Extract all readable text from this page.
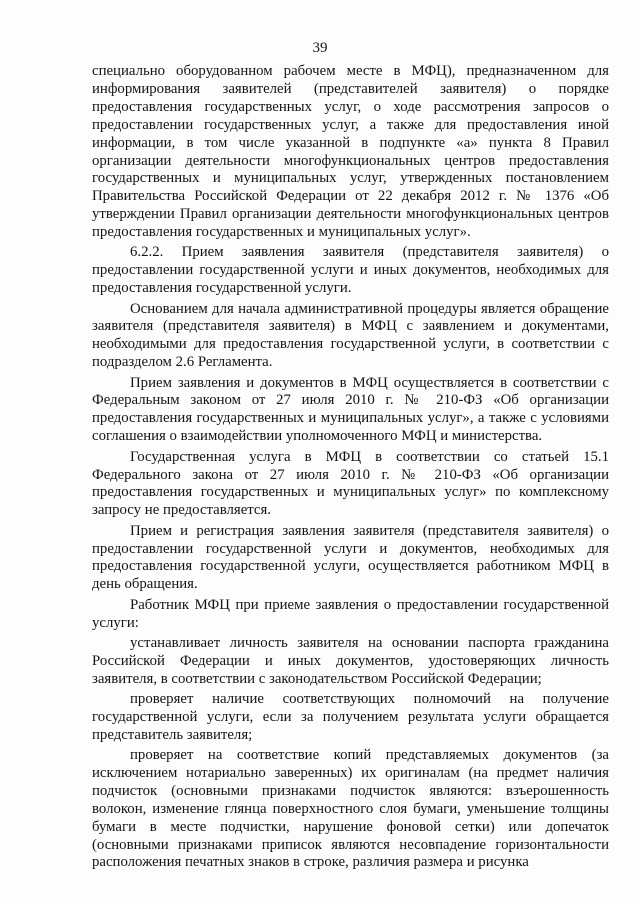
39

специально оборудованном рабочем месте в МФЦ), предназначенном для информирования заявителей (представителей заявителя) о порядке предоставления государственных услуг, о ходе рассмотрения запросов о предоставлении государственных услуг, а также для предоставления иной информации, в том числе указанной в подпункте «а» пункта 8 Правил организации деятельности многофункциональных центров предоставления государственных и муниципальных услуг, утвержденных постановлением Правительства Российской Федерации от 22 декабря 2012 г. № 1376 «Об утверждении Правил организации деятельности многофункциональных центров предоставления государственных и муниципальных услуг».

6.2.2. Прием заявления заявителя (представителя заявителя) о предоставлении государственной услуги и иных документов, необходимых для предоставления государственной услуги.

Основанием для начала административной процедуры является обращение заявителя (представителя заявителя) в МФЦ с заявлением и документами, необходимыми для предоставления государственной услуги, в соответствии с подразделом 2.6 Регламента.

Прием заявления и документов в МФЦ осуществляется в соответствии с Федеральным законом от 27 июля 2010 г. № 210-ФЗ «Об организации предоставления государственных и муниципальных услуг», а также с условиями соглашения о взаимодействии уполномоченного МФЦ и министерства.

Государственная услуга в МФЦ в соответствии со статьей 15.1 Федерального закона от 27 июля 2010 г. № 210-ФЗ «Об организации предоставления государственных и муниципальных услуг» по комплексному запросу не предоставляется.

Прием и регистрация заявления заявителя (представителя заявителя) о предоставлении государственной услуги и документов, необходимых для предоставления государственной услуги, осуществляется работником МФЦ в день обращения.

Работник МФЦ при приеме заявления о предоставлении государственной услуги:

устанавливает личность заявителя на основании паспорта гражданина Российской Федерации и иных документов, удостоверяющих личность заявителя, в соответствии с законодательством Российской Федерации;

проверяет наличие соответствующих полномочий на получение государственной услуги, если за получением результата услуги обращается представитель заявителя;

проверяет на соответствие копий представляемых документов (за исключением нотариально заверенных) их оригиналам (на предмет наличия подчисток (основными признаками подчисток являются: взъерошенность волокон, изменение глянца поверхностного слоя бумаги, уменьшение толщины бумаги в месте подчистки, нарушение фоновой сетки) или допечаток (основными признаками приписок являются несовпадение горизонтальности расположения печатных знаков в строке, различия размера и рисунка
